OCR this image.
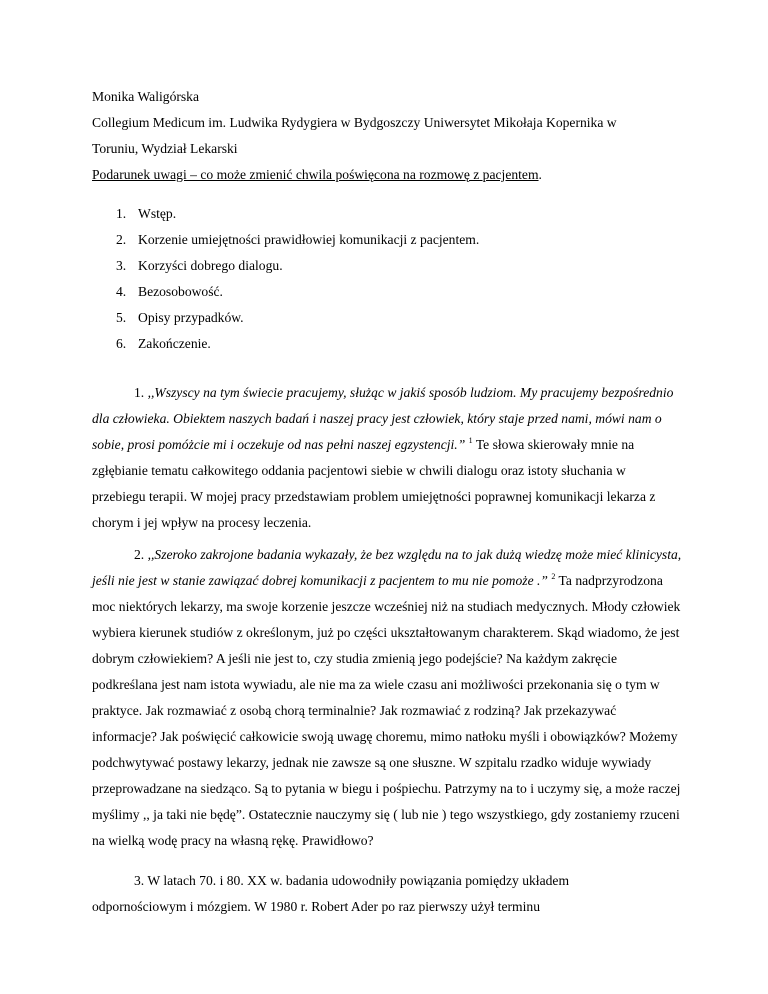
Monika Waligórska
Collegium Medicum im. Ludwika Rydygiera w Bydgoszczy Uniwersytet Mikołaja Kopernika w
Toruniu, Wydział Lekarski
Podarunek uwagi – co może zmienić chwila poświęcona na rozmowę z pacjentem.
1. Wstęp.
2. Korzenie umiejętności prawidłowiej komunikacji z pacjentem.
3. Korzyści dobrego dialogu.
4. Bezosobowość.
5. Opisy przypadków.
6. Zakończenie.
1. ,,Wszyscy na tym świecie pracujemy, służąc w jakiś sposób ludziom. My pracujemy bezpośrednio dla człowieka. Obiektem naszych badań i naszej pracy jest człowiek, który staje przed nami, mówi nam o sobie, prosi pomóżcie mi i oczekuje od nas pełni naszej egzystencji.” $^1$ Te słowa skierowały mnie na zgłębianie tematu całkowitego oddania pacjentowi siebie w chwili dialogu oraz istoty słuchania w przebiegu terapii. W mojej pracy przedstawiam problem umiejętności poprawnej komunikacji lekarza z chorym i jej wpływ na procesy leczenia.
2. ,,Szeroko zakrojone badania wykazały, że bez względu na to jak dużą wiedzę może mieć klinicysta, jeśli nie jest w stanie zawiązać dobrej komunikacji z pacjentem to mu nie pomoże .” $^2$ Ta nadprzyrodzona moc niektórych lekarzy, ma swoje korzenie jeszcze wcześniej niż na studiach medycznych. Młody człowiek wybiera kierunek studiów z określonym, już po części ukształtowanym charakterem. Skąd wiadomo, że jest dobrym człowiekiem? A jeśli nie jest to, czy studia zmienią jego podejście? Na każdym zakręcie podkreślana jest nam istota wywiadu, ale nie ma za wiele czasu ani możliwości przekonania się o tym w praktyce. Jak rozmawiać z osobą chorą terminalnie? Jak rozmawiać z rodziną? Jak przekazywać informacje? Jak poświęcić całkowicie swoją uwagę choremu, mimo natłoku myśli i obowiązków? Możemy podchwytywać postawy lekarzy, jednak nie zawsze są one słuszne. W szpitalu rzadko widuje wywiady przeprowadzane na siedząco. Są to pytania w biegu i pośpiechu. Patrzymy na to i uczymy się, a może raczej myślimy ,, ja taki nie będę”. Ostatecznie nauczymy się ( lub nie ) tego wszystkiego, gdy zostaniemy rzuceni na wielką wodę pracy na własną rękę. Prawidłowo?
3. W latach 70. i 80. XX w. badania udowodniły powiązania pomiędzy układem
odpornościowym i mózgiem. W 1980 r. Robert Ader po raz pierwszy użył terminu
